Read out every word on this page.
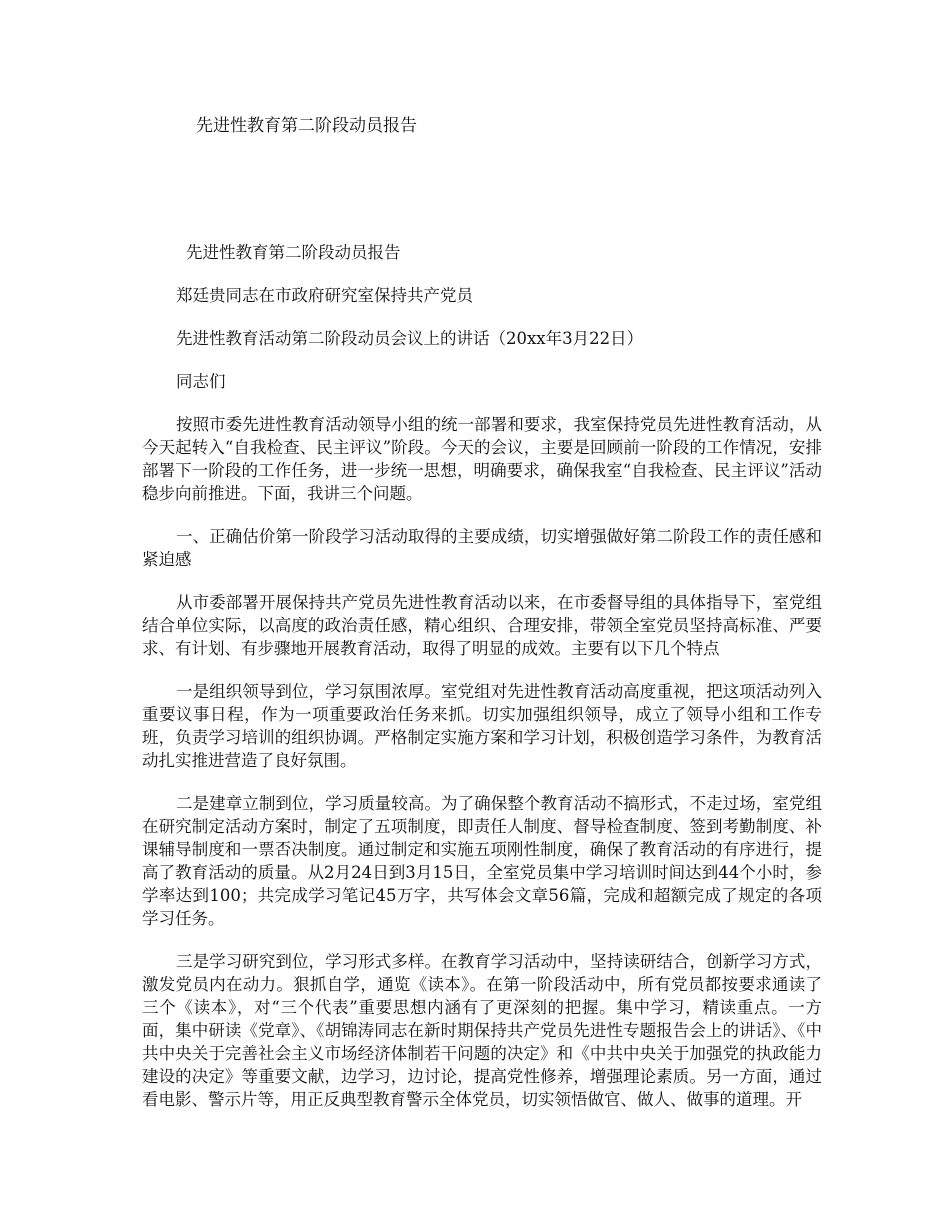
先进性教育第二阶段动员报告

先进性教育第二阶段动员报告

郑廷贵同志在市政府研究室保持共产党员

先进性教育活动第二阶段动员会议上的讲话（20xx年3月22日）

同志们

按照市委先进性教育活动领导小组的统一部署和要求，我室保持党员先进性教育活动，从今天起转入“自我检查、民主评议”阶段。今天的会议，主要是回顾前一阶段的工作情况，安排部署下一阶段的工作任务，进一步统一思想，明确要求，确保我室“自我检查、民主评议”活动稳步向前推进。下面，我讲三个问题。

一、正确估价第一阶段学习活动取得的主要成绩，切实增强做好第二阶段工作的责任感和紧迫感

从市委部署开展保持共产党员先进性教育活动以来，在市委督导组的具体指导下，室党组结合单位实际，以高度的政治责任感，精心组织、合理安排，带领全室党员坚持高标准、严要求、有计划、有步骤地开展教育活动，取得了明显的成效。主要有以下几个特点

一是组织领导到位，学习氛围浓厚。室党组对先进性教育活动高度重视，把这项活动列入重要议事日程，作为一项重要政治任务来抓。切实加强组织领导，成立了领导小组和工作专班，负责学习培训的组织协调。严格制定实施方案和学习计划，积极创造学习条件，为教育活动扎实推进营造了良好氛围。

二是建章立制到位，学习质量较高。为了确保整个教育活动不搞形式，不走过场，室党组在研究制定活动方案时，制定了五项制度，即责任人制度、督导检查制度、签到考勤制度、补课辅导制度和一票否决制度。通过制定和实施五项刚性制度，确保了教育活动的有序进行，提高了教育活动的质量。从2月24日到3月15日，全室党员集中学习培训时间达到44个小时，参学率达到100；共完成学习笔记45万字，共写体会文章56篇，完成和超额完成了规定的各项学习任务。

三是学习研究到位，学习形式多样。在教育学习活动中，坚持读研结合，创新学习方式，激发党员内在动力。狠抓自学，通览《读本》。在第一阶段活动中，所有党员都按要求通读了三个《读本》，对“三个代表”重要思想内涵有了更深刻的把握。集中学习，精读重点。一方面，集中研读《党章》、《胡锦涛同志在新时期保持共产党员先进性专题报告会上的讲话》、《中共中央关于完善社会主义市场经济体制若干问题的决定》和《中共中央关于加强党的执政能力建设的决定》等重要文献，边学习，边讨论，提高党性修养，增强理论素质。另一方面，通过看电影、警示片等，用正反典型教育警示全体党员，切实领悟做官、做人、做事的道理。开
